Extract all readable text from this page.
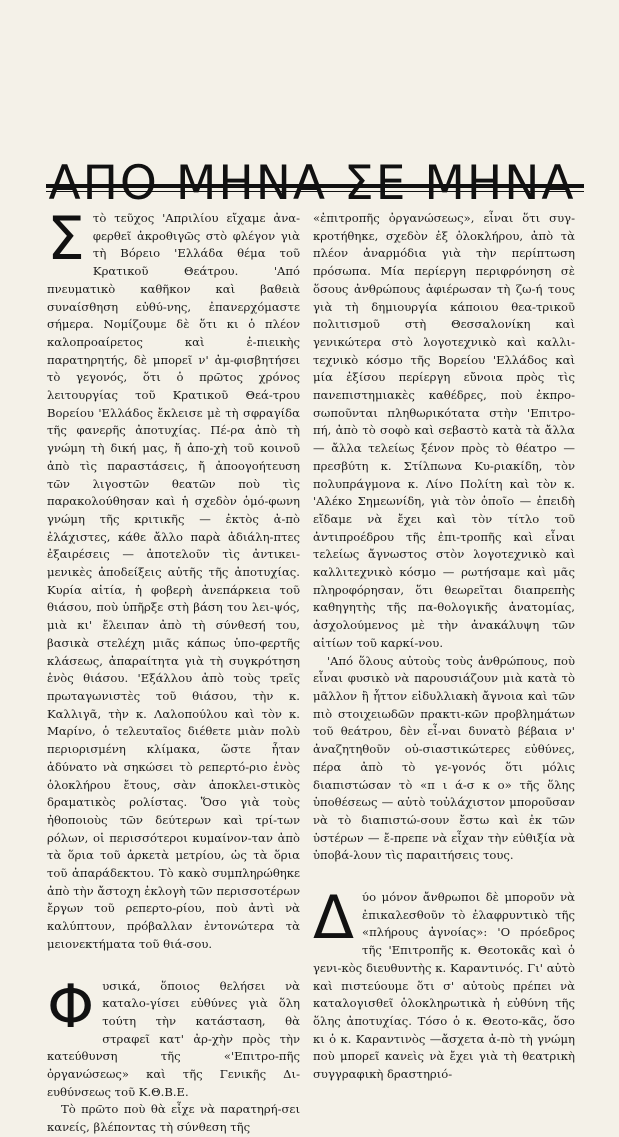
Στὸ τεῦχος 'Απριλίου εἴχαμε ἀνα-φερθεῖ ἀκροθιγῶς στὸ φλέγον γιὰ τὴ Βόρειο 'Ελλάδα θέμα τοῦ Κρατικοῦ Θεάτρου. 'Από πνευματικὸ καθῆκον καὶ βαθειὰ συναίσθηση εὐθύ-νης, ἐπανερχόμαστε σήμερα. Νομίζουμε δὲ ὅτι κι ὁ πλέον καλοπροαίρετος καὶ ἐ-πιεικὴς παρατηρητής, δὲ μπορεῖ ν' ἀμ-φισβητήσει τὸ γεγονός, ὅτι ὁ πρῶτος χρόνος λειτουργίας τοῦ Κρατικοῦ Θεά-τρου Βορείου 'Ελλάδος ἔκλεισε μὲ τὴ σφραγίδα τῆς φανερῆς ἀποτυχίας. Πέ-ρα ἀπὸ τὴ γνώμη τὴ δική μας, ἤ ἀπο-χὴ τοῦ κοινοῦ ἀπὸ τὶς παραστάσεις, ἤ ἀποογοήτευση τῶν λιγοστῶν θεατῶν ποὺ τὶς παρακολούθησαν καὶ ἡ σχεδὸν ὁμό-φωνη γνώμη τῆς κριτικῆς — ἐκτὸς ἀ-πὸ ἐλάχιστες, κάθε ἄλλο παρὰ ἀδιάλη-πτες ἐξαιρέσεις — ἀποτελοῦν τὶς ἀντικει-μενικὲς ἀποδείξεις αὐτῆς τῆς ἀποτυχίας. Κυρία αἰτία, ἡ φοβερὴ ἀνεπάρκεια τοῦ θιάσου, ποὺ ὑπῆρξε στὴ βάση του λει-ψός, μιὰ κι' ἔλειπαν ἀπὸ τὴ σύνθεσή του, βασικὰ στελέχη μιᾶς κάπως ὑπο-φερτῆς κλάσεως, ἀπαραίτητα γιὰ τὴ συγκρότηση ἑνὸς θιάσου. 'Εξάλλου ἀπὸ τοὺς τρεῖς πρωταγωνιστὲς τοῦ θιάσου, τὴν κ. Καλλιγᾶ, τὴν κ. Λαλοπούλου καὶ τὸν κ. Μαρίνο, ὁ τελευταῖος διέθετε μιὰν πολὺ περιορισμένη κλίμακα, ὥστε ἦταν ἀδύνατο νὰ σηκώσει τὸ ρεπερτό-ριο ἑνὸς ὁλοκλήρου ἔτους, σὰν ἀποκλει-στικὸς δραματικὸς ρολίστας. Ὅσο γιὰ τοὺς ἠθοποιοὺς τῶν δεύτερων καὶ τρί-των ρόλων, οἱ περισσότεροι κυμαίνον-ταν ἀπὸ τὰ ὅρια τοῦ ἀρκετὰ μετρίου, ὡς τὰ ὅρια τοῦ ἀπαράδεκτου. Τὸ κακὸ συμπληρώθηκε ἀπὸ τὴν ἄστοχη ἐκλογὴ τῶν περισσοτέρων ἔργων τοῦ ρεπερτο-ρίου, ποὺ ἀντὶ νὰ καλύπτουν, πρόβαλλαν ἐντονώτερα τὰ μειονεκτήματα τοῦ θιά-σου.

Φυσικά, ὅποιος θελήσει νὰ καταλο-γίσει εὐθύνες γιὰ ὅλη τούτη τὴν κατάσταση, θὰ στραφεῖ κατ' ἀρ-χὴν πρὸς τὴν κατεύθυνση τῆς «'Επιτρο-πῆς ὀργανώσεως» καὶ τῆς Γενικῆς Δι-ευθύνσεως τοῦ Κ.Θ.Β.Ε.

Τὸ πρῶτο ποὺ θὰ εἶχε νὰ παρατηρή-σει κανείς, βλέποντας τὴ σύνθεση τῆς

«ἐπιτροπῆς ὀργανώσεως», εἶναι ὅτι συγ-κροτήθηκε, σχεδὸν ἐξ ὁλοκλήρου, ἀπὸ τὰ πλέον ἀναρμόδια γιὰ τὴν περίπτωση πρόσωπα. Μία περίεργη περιφρόνηση σὲ ὅσους ἀνθρώπους ἀφιέρωσαν τὴ ζω-ή τους γιὰ τὴ δημιουργία κάποιου θεα-τρικοῦ πολιτισμοῦ στὴ Θεσσαλονίκη καὶ γενικώτερα στὸ λογοτεχνικὸ καὶ καλλι-τεχνικὸ κόσμο τῆς Βορείου 'Ελλάδος καὶ μία ἐξίσου περίεργη εὔνοια πρὸς τὶς πανεπιστημιακὲς καθέδρες, ποὺ ἐκπρο-σωποῦνται πληθωρικότατα στὴν 'Επιτρο-πή, ἀπὸ τὸ σοφὸ καὶ σεβαστὸ κατὰ τὰ ἄλλα — ἄλλα τελείως ξένον πρὸς τὸ θέατρο — πρεσβύτη κ. Στίλπωνα Κυ-ριακίδη, τὸν πολυπράγμονα κ. Λίνο Πολίτη καὶ τὸν κ. 'Αλέκο Σημεωνίδη, γιὰ τὸν ὁποῖο — ἐπειδὴ εἴδαμε νὰ ἔχει καὶ τὸν τίτλο τοῦ ἀντιπροέδρου τῆς ἐπι-τροπῆς καὶ εἶναι τελείως ἄγνωστος στὸν λογοτεχνικὸ καὶ καλλιτεχνικὸ κόσμο — ρωτήσαμε καὶ μᾶς πληροφόρησαν, ὅτι θεωρεῖται διαπρεπὴς καθηγητὴς τῆς πα-θολογικῆς ἀνατομίας, ἀσχολούμενος μὲ τὴν ἀνακάλυψη τῶν αἰτίων τοῦ καρκί-νου.

'Από ὅλους αὐτοὺς τοὺς ἀνθρώπους, ποὺ εἶναι φυσικὸ νὰ παρουσιάζουν μιὰ κατὰ τὸ μᾶλλον ἢ ἧττον εἰδυλλιακὴ ἄγνοια καὶ τῶν πιὸ στοιχειωδῶν πρακτι-κῶν προβλημάτων τοῦ θεάτρου, δὲν εἶ-ναι δυνατὸ βέβαια ν' ἀναζητηθοῦν οὐ-σιαστικώτερες εὐθύνες, πέρα ἀπὸ τὸ γε-γονός ὅτι μόλις διαπιστώσαν τὸ «π ι ά-σ κ ο» τῆς ὅλης ὑποθέσεως — αὐτὸ τοὐλάχιστον μποροῦσαν νὰ τὸ διαπιστώ-σουν ἔστω καὶ ἐκ τῶν ὑστέρων — ἔ-πρεπε νὰ εἶχαν τὴν εὐθιξία νὰ ὑποβά-λουν τὶς παραιτήσεις τους.

Δύο μόνον ἄνθρωποι δὲ μποροῦν νὰ ἐπικαλεσθοῦν τὸ ἐλαφρυντικὸ τῆς «πλήρους ἀγνοίας»: 'Ο πρόεδρος τῆς 'Επιτροπῆς κ. Θεοτοκᾶς καὶ ὁ γενι-κὸς διευθυντὴς κ. Καραντινός. Γι' αὐτὸ καὶ πιστεύουμε ὅτι σ' αὐτοὺς πρέπει νὰ καταλογισθεῖ ὁλοκληρωτικὰ ἡ εὐθύνη τῆς ὅλης ἀποτυχίας. Τόσο ὁ κ. Θεοτο-κᾶς, ὅσο κι ὁ κ. Καραντινὸς —ἄσχετα ἀ-πὸ τὴ γνώμη ποὺ μπορεῖ κανεὶς νὰ ἔχει γιὰ τὴ θεατρικὴ συγγραφικὴ δραστηριό-
